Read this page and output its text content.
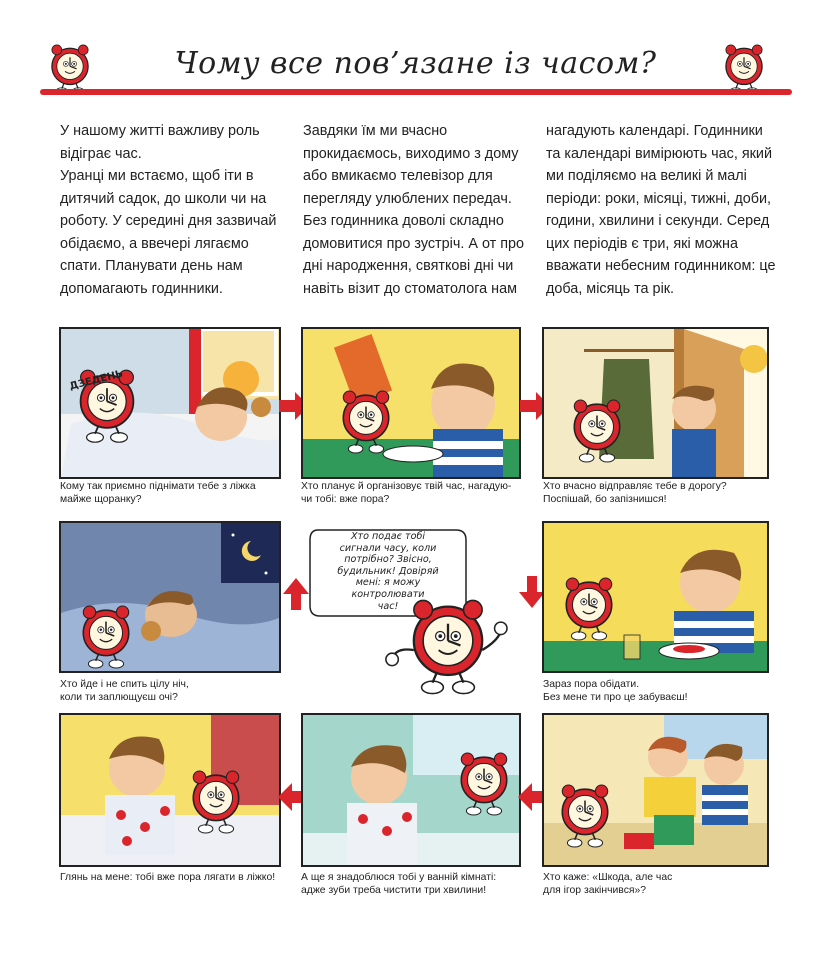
Чому все пов’язане із часом?

У нашому житті важливу роль відіграє час.
Уранці ми встаємо, щоб іти в дитячий садок, до школи чи на роботу. У середині дня зазвичай обідаємо, а ввечері лягаємо спати. Планувати день нам допомагають годинники.

Завдяки їм ми вчасно прокидаємось, виходимо з дому або вмикаємо телевізор для перегляду улюблених передач. Без годинника доволі складно домовитися про зустріч. А от про дні народження, святкові дні чи навіть візит до стоматолога нам

нагадують календарі. Годинники та календарі вимірюють час, який ми поділяємо на великі й малі періоди: роки, місяці, тижні, доби, години, хвилини і секунди. Серед цих періодів є три, які можна вважати небесним годинником: це доба, місяць та рік.

ДЗЕДЕНЬ
Кому так приємно піднімати тебе з ліжка
майже щоранку?
Хто планує й організовує твій час, нагадую-
чи тобі: вже пора?
Хто вчасно відправляє тебе в дорогу?
Поспішай, бо запізнишся!
Хто йде і не спить цілу ніч,
коли ти заплющуєш очі?
Хто подає тобі
сигнали часу, коли
потрібно? Звісно,
будильник! Довіряй
мені: я можу
контролювати
час!
Зараз пора обідати.
Без мене ти про це забуваєш!
Глянь на мене: тобі вже пора лягати в ліжко! А ще я знадоблюся тобі у ванній кімнаті:
адже зуби треба чистити три хвилини!
Хто каже: «Шкода, але час
для ігор закінчився»?
